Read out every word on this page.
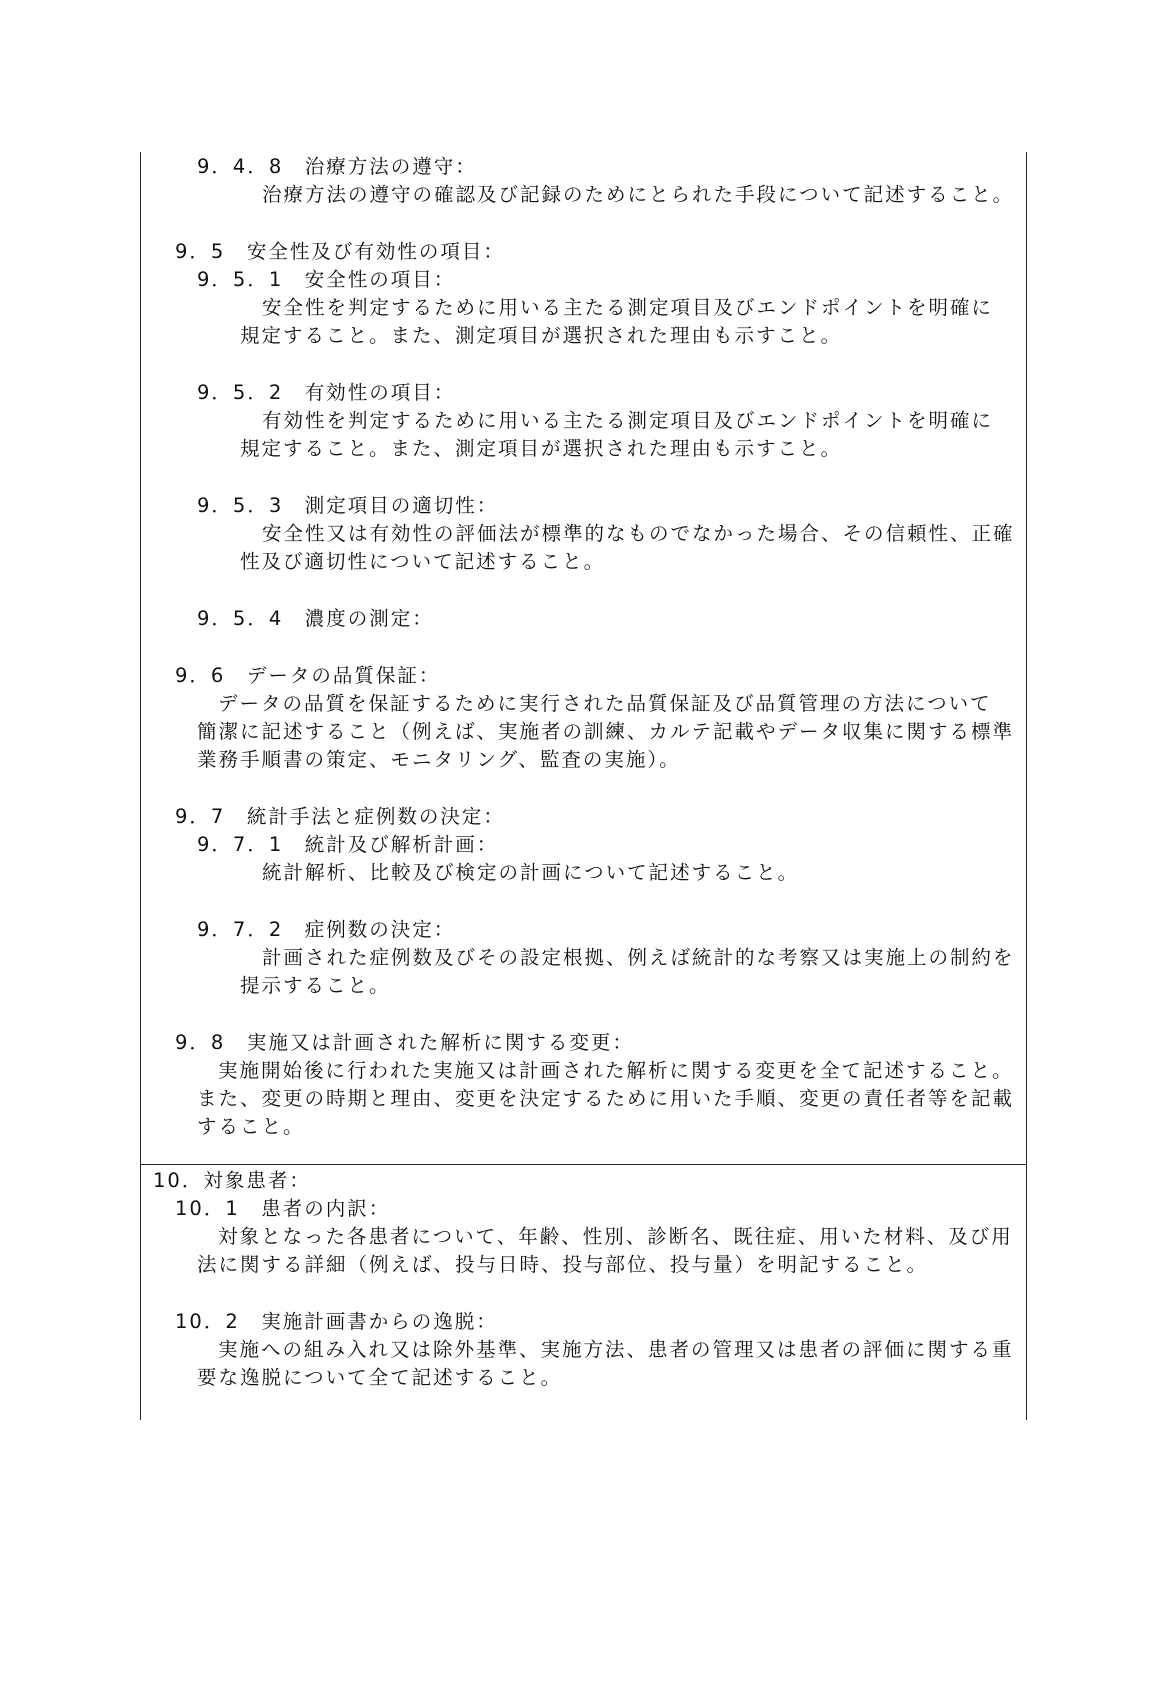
9．4．8　治療方法の遵守：
治療方法の遵守の確認及び記録のためにとられた手段について記述すること。
9．5　安全性及び有効性の項目：
9．5．1　安全性の項目：
安全性を判定するために用いる主たる測定項目及びエンドポイントを明確に
規定すること。また、測定項目が選択された理由も示すこと。
9．5．2　有効性の項目：
有効性を判定するために用いる主たる測定項目及びエンドポイントを明確に
規定すること。また、測定項目が選択された理由も示すこと。
9．5．3　測定項目の適切性：
安全性又は有効性の評価法が標準的なものでなかった場合、その信頼性、正確
性及び適切性について記述すること。
9．5．4　濃度の測定：
9．6　データの品質保証：
データの品質を保証するために実行された品質保証及び品質管理の方法について
簡潔に記述すること（例えば、実施者の訓練、カルテ記載やデータ収集に関する標準
業務手順書の策定、モニタリング、監査の実施）。
9．7　統計手法と症例数の決定：
9．7．1　統計及び解析計画：
統計解析、比較及び検定の計画について記述すること。
9．7．2　症例数の決定：
計画された症例数及びその設定根拠、例えば統計的な考察又は実施上の制約を
提示すること。
9．8　実施又は計画された解析に関する変更：
実施開始後に行われた実施又は計画された解析に関する変更を全て記述すること。
また、変更の時期と理由、変更を決定するために用いた手順、変更の責任者等を記載
すること。
10．対象患者：
10．1　患者の内訳：
対象となった各患者について、年齢、性別、診断名、既往症、用いた材料、及び用
法に関する詳細（例えば、投与日時、投与部位、投与量）を明記すること。
10．2　実施計画書からの逸脱：
実施への組み入れ又は除外基準、実施方法、患者の管理又は患者の評価に関する重
要な逸脱について全て記述すること。
